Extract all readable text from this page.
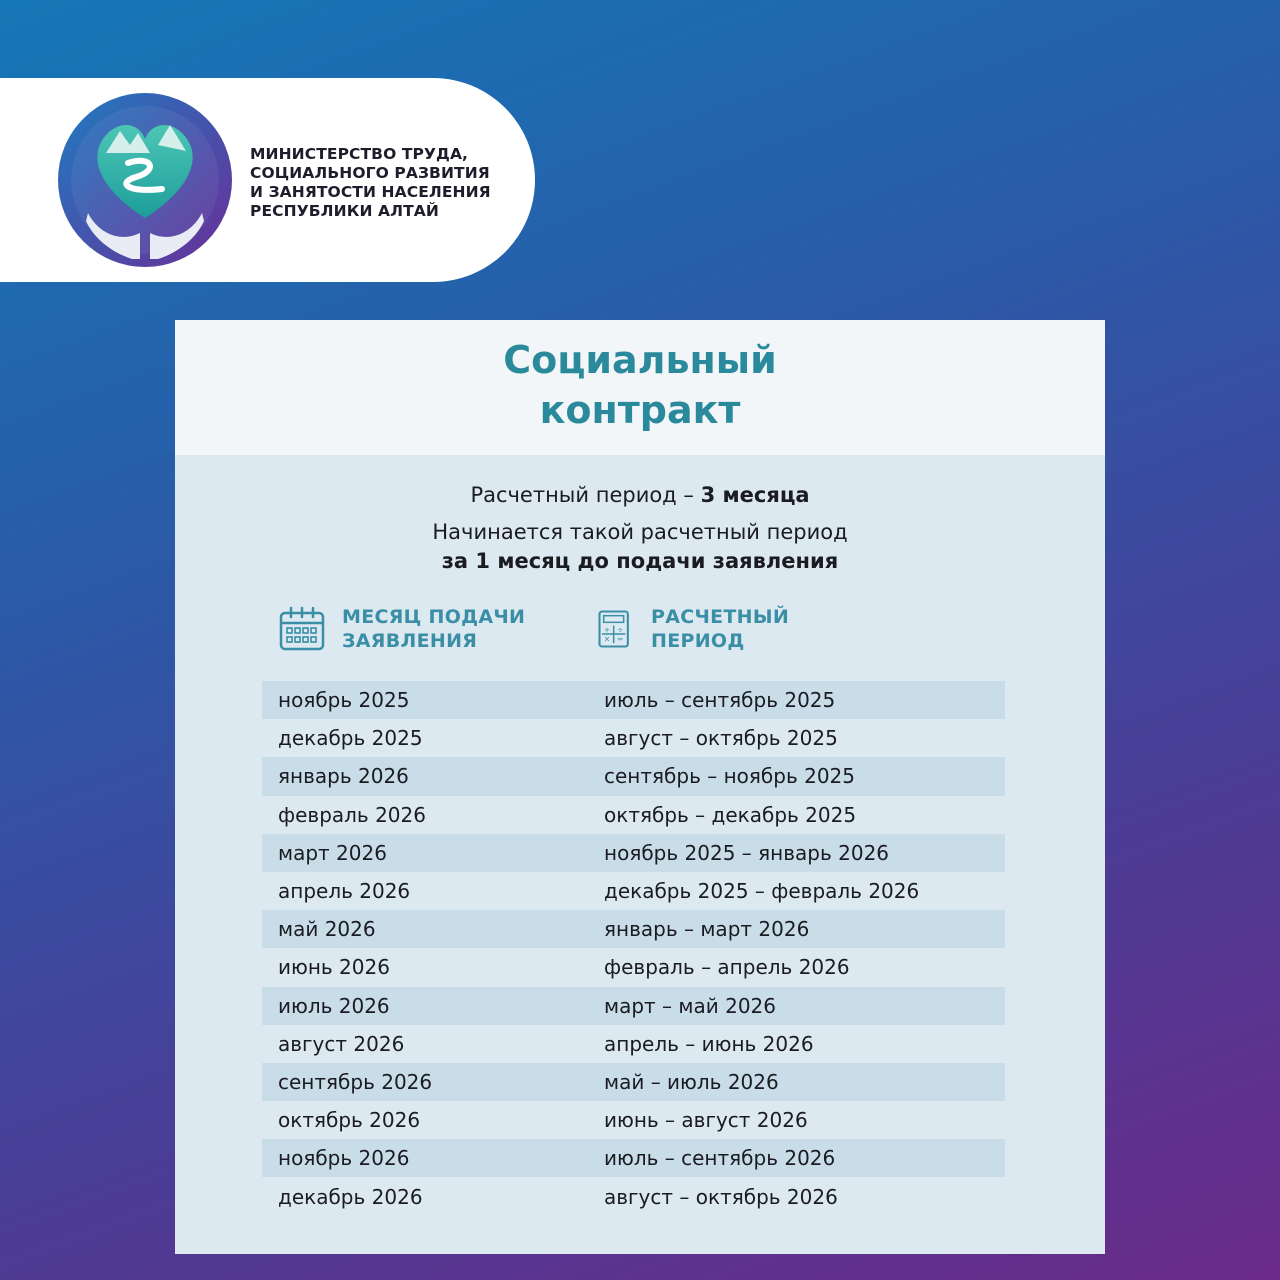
МИНИСТЕРСТВО ТРУДА,
СОЦИАЛЬНОГО РАЗВИТИЯ
И ЗАНЯТОСТИ НАСЕЛЕНИЯ
РЕСПУБЛИКИ АЛТАЙ
Социальный
контракт
Расчетный период – 3 месяца
Начинается такой расчетный период
за 1 месяц до подачи заявления
МЕСЯЦ ПОДАЧИ
ЗАЯВЛЕНИЯ
+ ÷
× =
РАСЧЕТНЫЙ
ПЕРИОД
ноябрь 2025	июль – сентябрь 2025
декабрь 2025	август – октябрь 2025
январь 2026	сентябрь – ноябрь 2025
февраль 2026	октябрь – декабрь 2025
март 2026	ноябрь 2025 – январь 2026
апрель 2026	декабрь 2025 – февраль 2026
май 2026	январь – март 2026
июнь 2026	февраль – апрель 2026
июль 2026	март – май 2026
август 2026	апрель – июнь 2026
сентябрь 2026	май – июль 2026
октябрь 2026	июнь – август 2026
ноябрь 2026	июль – сентябрь 2026
декабрь 2026	август – октябрь 2026
